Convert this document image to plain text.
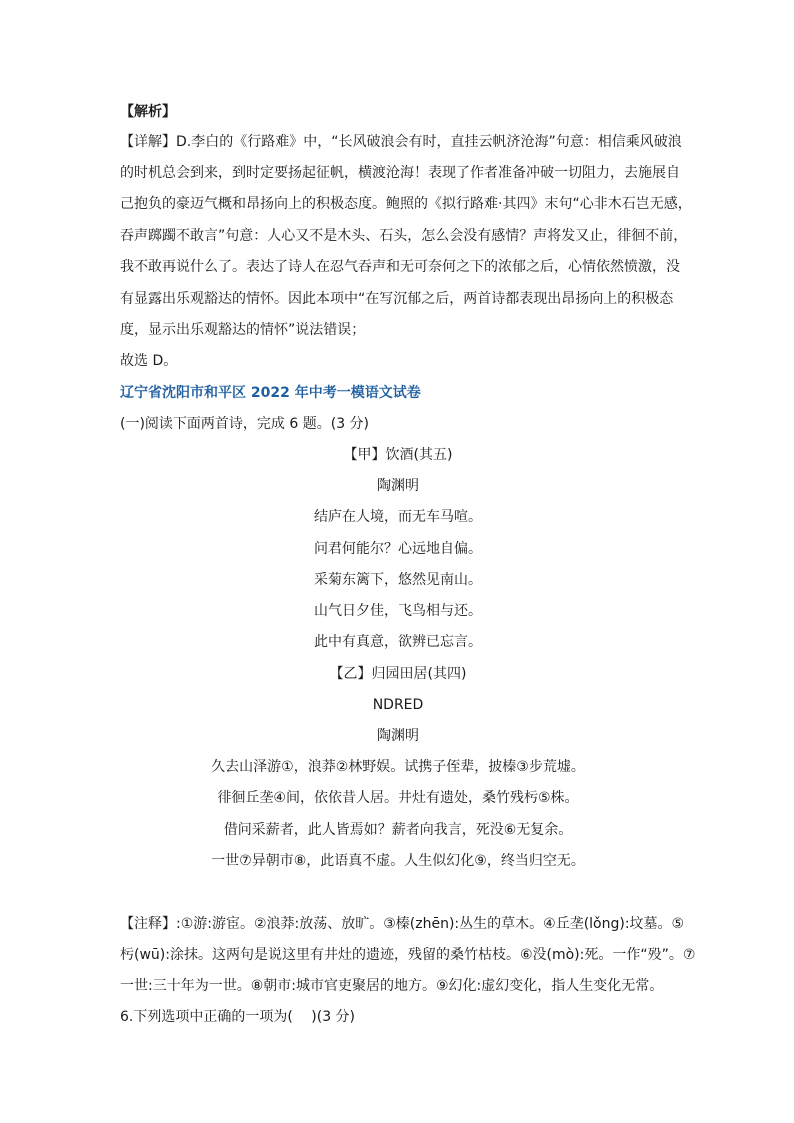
【解析】
【详解】D.李白的《行路难》中，“长风破浪会有时，直挂云帆济沧海”句意：相信乘风破浪
的时机总会到来，到时定要扬起征帆，横渡沧海！表现了作者准备冲破一切阻力，去施展自
己抱负的豪迈气概和昂扬向上的积极态度。鲍照的《拟行路难·其四》末句“心非木石岂无感，
吞声踯躅不敢言”句意：人心又不是木头、石头，怎么会没有感情？声将发又止，徘徊不前，
我不敢再说什么了。表达了诗人在忍气吞声和无可奈何之下的浓郁之后，心情依然愤激，没
有显露出乐观豁达的情怀。因此本项中“在写沉郁之后，两首诗都表现出昂扬向上的积极态
度，显示出乐观豁达的情怀”说法错误；
故选 D。
辽宁省沈阳市和平区 2022 年中考一模语文试卷
(一)阅读下面两首诗，完成 6 题。(3 分)
【甲】饮酒(其五)
陶渊明
结庐在人境，而无车马喧。
问君何能尔？心远地自偏。
采菊东篱下，悠然见南山。
山气日夕佳，飞鸟相与还。
此中有真意，欲辨已忘言。
【乙】归园田居(其四)
NDRED
陶渊明
久去山泽游①，浪莽②林野娱。试携子侄辈，披榛③步荒墟。
徘徊丘垄④间，依依昔人居。井灶有遗处，桑竹残杇⑤株。
借问采薪者，此人皆焉如？薪者向我言，死没⑥无复余。
一世⑦异朝市⑧，此语真不虚。人生似幻化⑨，终当归空无。
【注释】:①游:游宦。②浪莽:放荡、放旷。③榛(zhēn):丛生的草木。④丘垄(lǒng):坟墓。⑤
杇(wū):涂抹。这两句是说这里有井灶的遗迹，残留的桑竹枯枝。⑥没(mò):死。一作“殁”。⑦
一世:三十年为一世。⑧朝市:城市官吏聚居的地方。⑨幻化:虚幻变化，指人生变化无常。
6.下列选项中正确的一项为(　 )(3 分)
